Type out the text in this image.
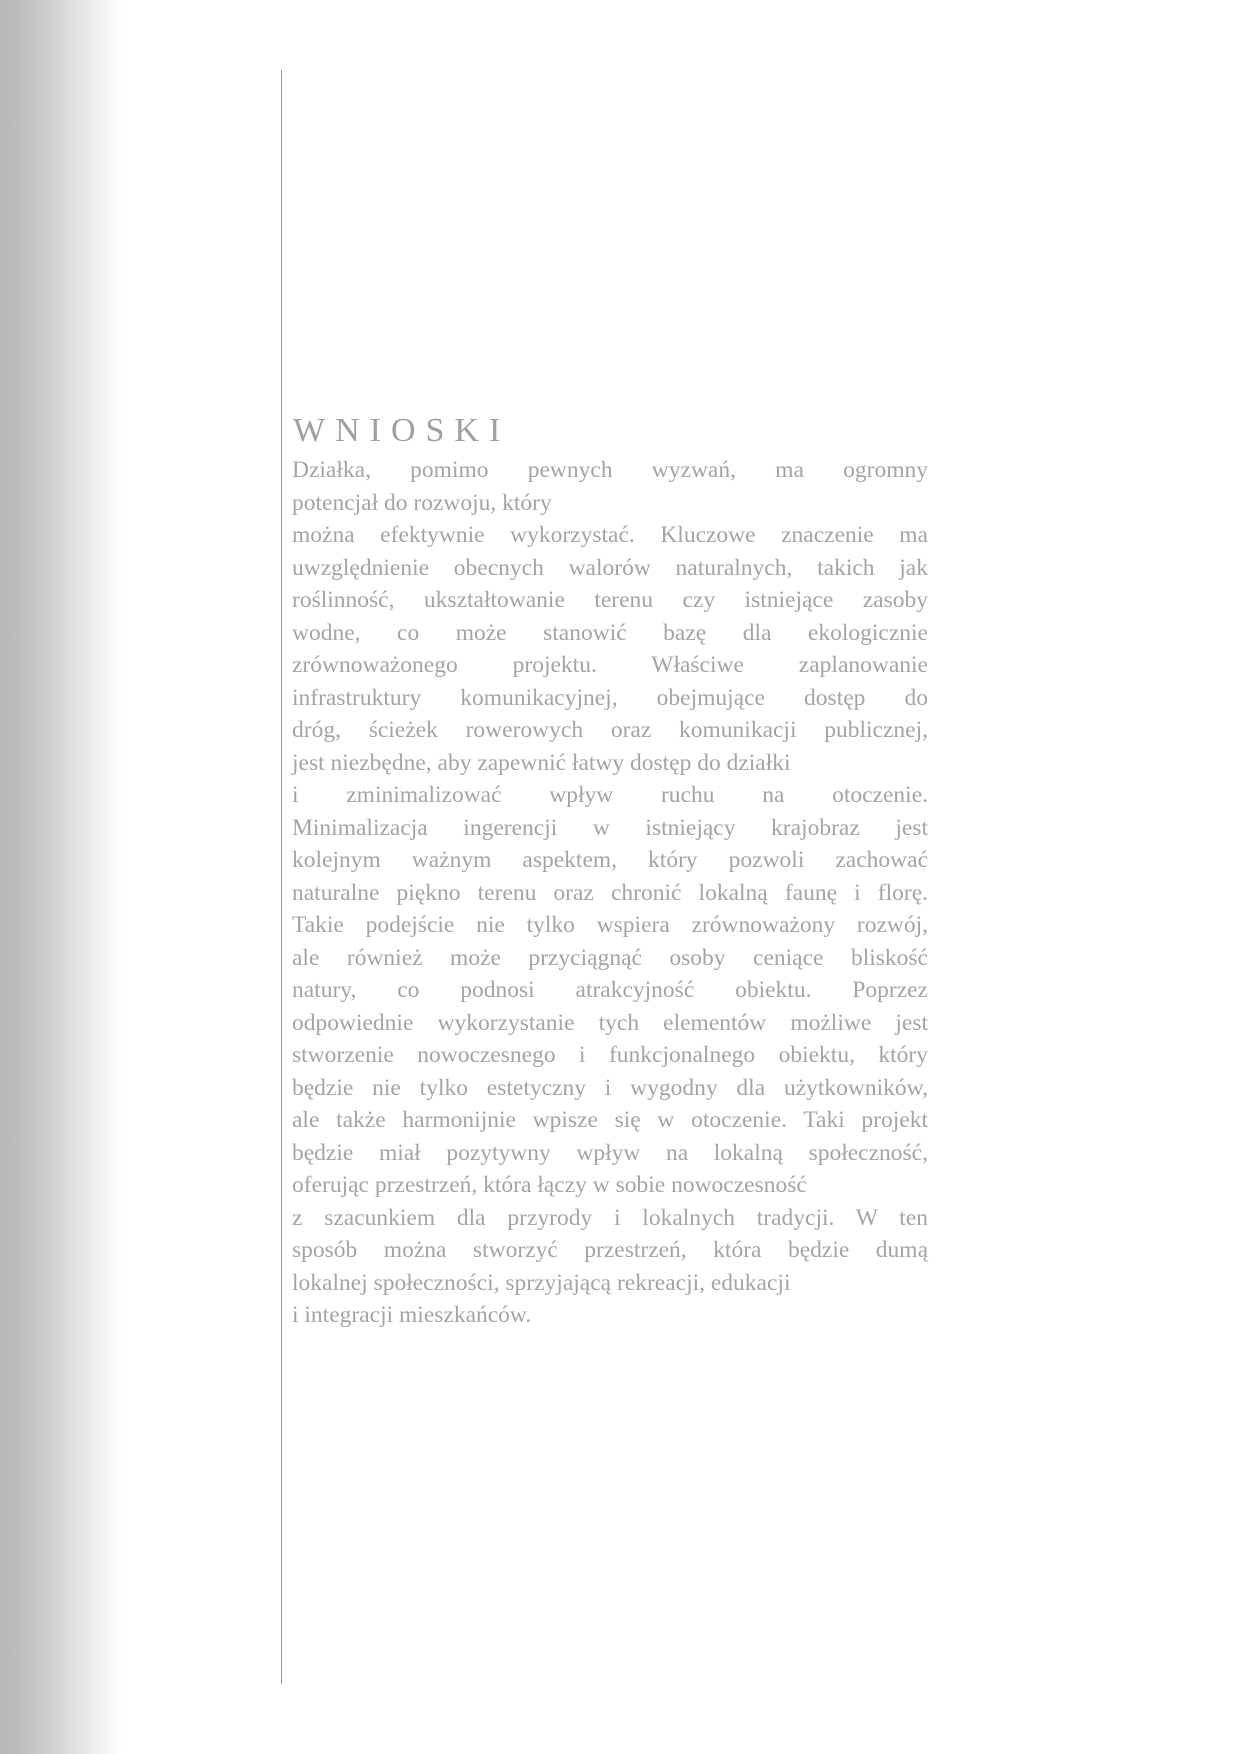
WNIOSKI
Działka, pomimo pewnych wyzwań, ma ogromny
potencjał do rozwoju, który
można efektywnie wykorzystać. Kluczowe znaczenie ma
uwzględnienie obecnych walorów naturalnych, takich jak
roślinność, ukształtowanie terenu czy istniejące zasoby
wodne, co może stanowić bazę dla ekologicznie
zrównoważonego projektu. Właściwe zaplanowanie
infrastruktury komunikacyjnej, obejmujące dostęp do
dróg, ścieżek rowerowych oraz komunikacji publicznej,
jest niezbędne, aby zapewnić łatwy dostęp do działki
i zminimalizować wpływ ruchu na otoczenie.
Minimalizacja ingerencji w istniejący krajobraz jest
kolejnym ważnym aspektem, który pozwoli zachować
naturalne piękno terenu oraz chronić lokalną faunę i florę.
Takie podejście nie tylko wspiera zrównoważony rozwój,
ale również może przyciągnąć osoby ceniące bliskość
natury, co podnosi atrakcyjność obiektu. Poprzez
odpowiednie wykorzystanie tych elementów możliwe jest
stworzenie nowoczesnego i funkcjonalnego obiektu, który
będzie nie tylko estetyczny i wygodny dla użytkowników,
ale także harmonijnie wpisze się w otoczenie. Taki projekt
będzie miał pozytywny wpływ na lokalną społeczność,
oferując przestrzeń, która łączy w sobie nowoczesność
z szacunkiem dla przyrody i lokalnych tradycji. W ten
sposób można stworzyć przestrzeń, która będzie dumą
lokalnej społeczności, sprzyjającą rekreacji, edukacji
i integracji mieszkańców.
